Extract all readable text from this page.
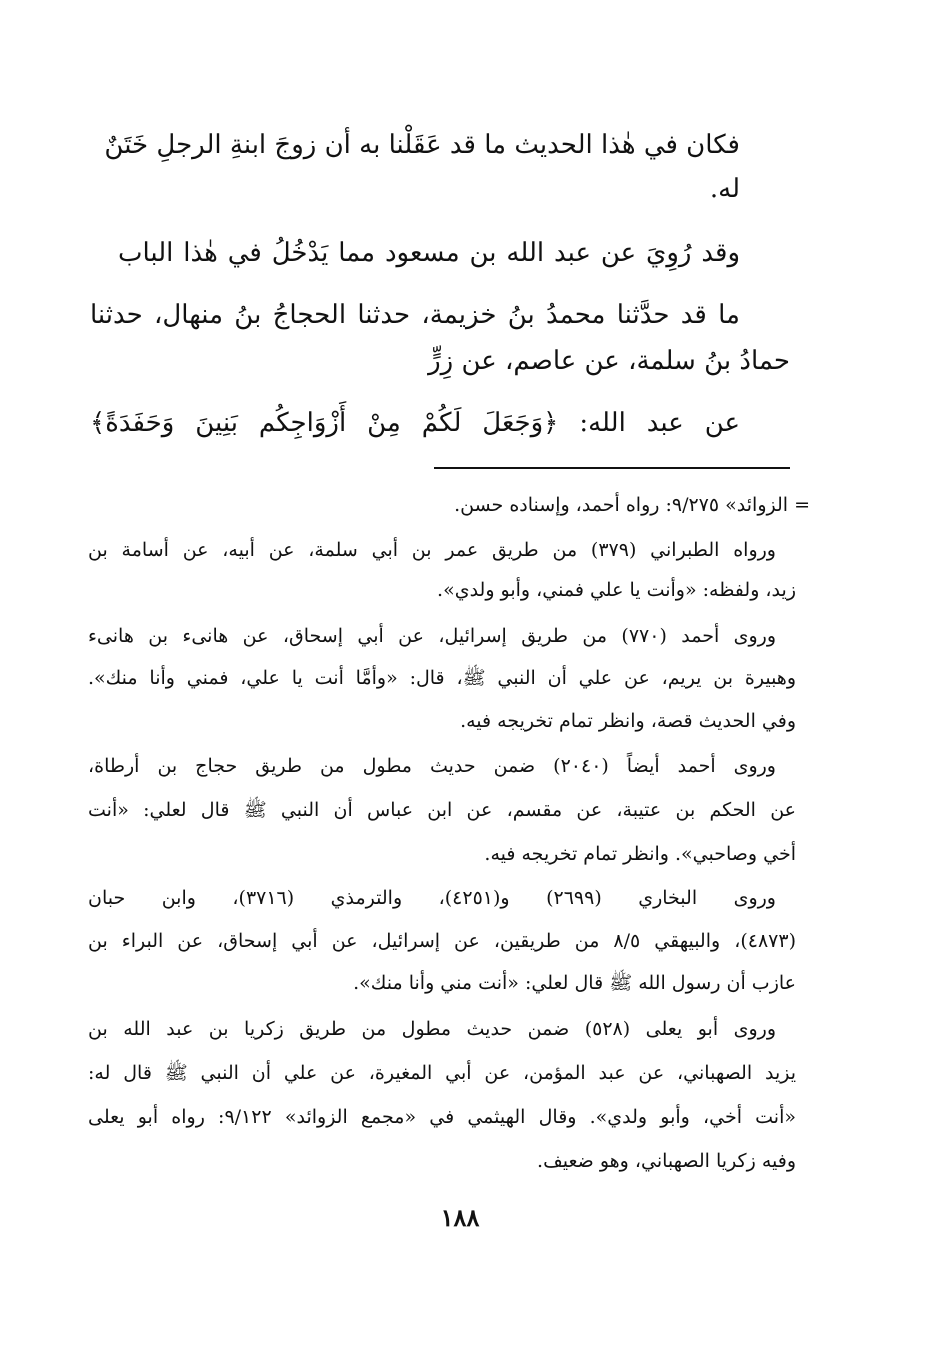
فكان في هٰذا الحديث ما قد عَقَلْنا به أن زوجَ ابنةِ الرجلِ خَتَنٌ
له.
وقد رُوِيَ عن عبد الله بن مسعود مما يَدْخُلُ في هٰذا الباب
ما قد حدَّثنا محمدُ بنُ خزيمة، حدثنا الحجاجُ بنُ منهال، حدثنا
حمادُ بنُ سلمة، عن عاصم، عن زِرٍّ
عن عبد الله: ﴿وَجَعَلَ لَكُمْ مِنْ أَزْوَاجِكُم بَنِينَ وَحَفَدَةً﴾
= الزوائد» ٩/٢٧٥: رواه أحمد، وإسناده حسن.
ورواه الطبراني (٣٧٩) من طريق عمر بن أبي سلمة، عن أبيه، عن أسامة بن
زيد، ولفظه: «وأنت يا علي فمني، وأبو ولدي».
وروى أحمد (٧٧٠) من طريق إسرائيل، عن أبي إسحاق، عن هانىء بن هانىء
وهبيرة بن يريم، عن علي أن النبي ﷺ، قال: «وأمَّا أنت يا علي، فمني وأنا منك».
وفي الحديث قصة، وانظر تمام تخريجه فيه.
وروى أحمد أيضاً (٢٠٤٠) ضمن حديث مطول من طريق حجاج بن أرطاة،
عن الحكم بن عتيبة، عن مقسم، عن ابن عباس أن النبي ﷺ قال لعلي: «أنت
أخي وصاحبي». وانظر تمام تخريجه فيه.
وروى البخاري (٢٦٩٩) و(٤٢٥١)، والترمذي (٣٧١٦)، وابن حبان
(٤٨٧٣)، والبيهقي ٨/٥ من طريقين، عن إسرائيل، عن أبي إسحاق، عن البراء بن
عازب أن رسول الله ﷺ قال لعلي: «أنت مني وأنا منك».
وروى أبو يعلى (٥٢٨) ضمن حديث مطول من طريق زكريا بن عبد الله بن
يزيد الصهباني، عن عبد المؤمن، عن أبي المغيرة، عن علي أن النبي ﷺ قال له:
«أنت أخي، وأبو ولدي». وقال الهيثمي في «مجمع الزوائد» ٩/١٢٢: رواه أبو يعلى
وفيه زكريا الصهباني، وهو ضعيف.
١٨٨
